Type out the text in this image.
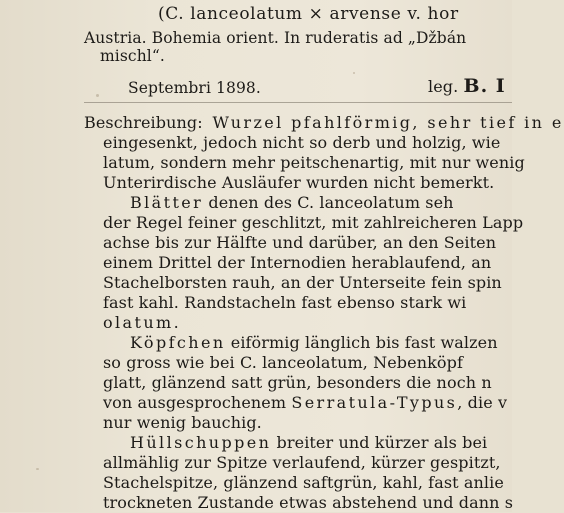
(C. lanceolatum ⨯ arvense v. hor
Austria. Bohemia orient. In ruderatis ad „Džbán
mischl“.
Septembri 1898.	leg. B. I
Beschreibung: Wurzel pfahlförmig, sehr tief in e
eingesenkt, jedoch nicht so derb und holzig, wie
latum, sondern mehr peitschenartig, mit nur wenig
Unterirdische Ausläufer wurden nicht bemerkt.
Blätter denen des C. lanceolatum seh
der Regel feiner geschlitzt, mit zahlreicheren Lapp
achse bis zur Hälfte und darüber, an den Seiten
einem Drittel der Internodien herablaufend, an
Stachelborsten rauh, an der Unterseite fein spin
fast kahl. Randstacheln fast ebenso stark wi
olatum.
Köpfchen eiförmig länglich bis fast walzen
so gross wie bei C. lanceolatum, Nebenköpf
glatt, glänzend satt grün, besonders die noch n
von ausgesprochenem Serratula-Typus, die v
nur wenig bauchig.
Hüllschuppen breiter und kürzer als bei
allmählig zur Spitze verlaufend, kürzer gespitzt,
Stachelspitze, glänzend saftgrün, kahl, fast anlie
trockneten Zustande etwas abstehend und dann s
